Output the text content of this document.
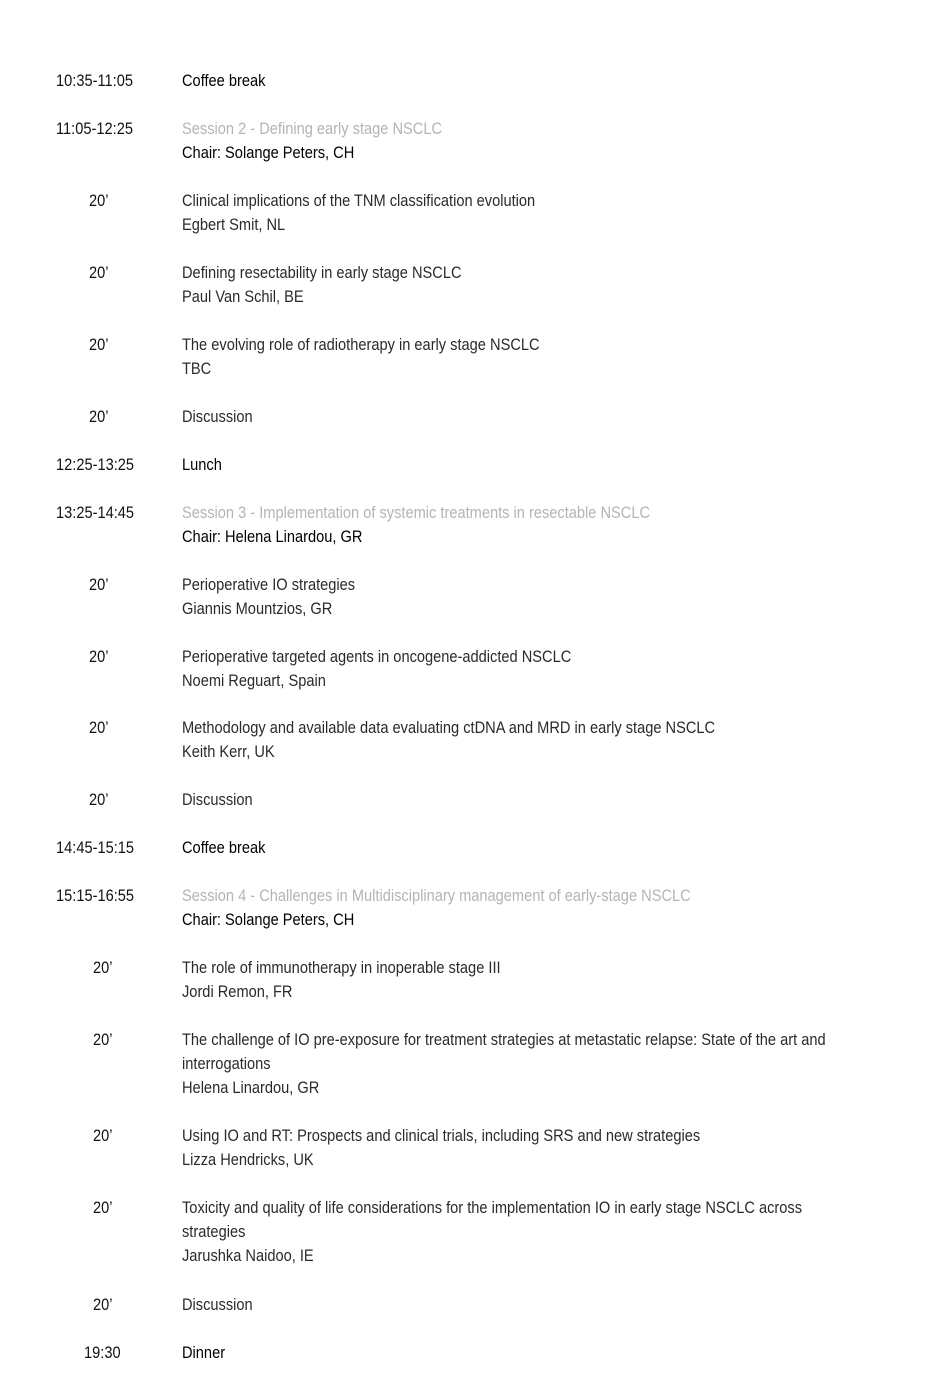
10:35-11:05	Coffee break
11:05-12:25	Session 2 - Defining early stage NSCLC
Chair: Solange Peters, CH
20’	Clinical implications of the TNM classification evolution
Egbert Smit, NL
20’	Defining resectability in early stage NSCLC
Paul Van Schil, BE
20’	The evolving role of radiotherapy in early stage NSCLC
TBC
20’	Discussion
12:25-13:25	Lunch
13:25-14:45	Session 3 - Implementation of systemic treatments in resectable NSCLC
Chair: Helena Linardou, GR
20’	Perioperative IO strategies
Giannis Mountzios, GR
20’	Perioperative targeted agents in oncogene-addicted NSCLC
Noemi Reguart, Spain
20’	Methodology and available data evaluating ctDNA and MRD in early stage NSCLC
Keith Kerr, UK
20’	Discussion
14:45-15:15	Coffee break
15:15-16:55	Session 4 - Challenges in Multidisciplinary management of early-stage NSCLC
Chair: Solange Peters, CH
20’	The role of immunotherapy in inoperable stage III
Jordi Remon, FR
20’	The challenge of IO pre-exposure for treatment strategies at metastatic relapse: State of the art and
interrogations
Helena Linardou, GR
20’	Using IO and RT: Prospects and clinical trials, including SRS and new strategies
Lizza Hendricks, UK
20’	Toxicity and quality of life considerations for the implementation IO in early stage NSCLC across
strategies
Jarushka Naidoo, IE
20’	Discussion
19:30	Dinner
